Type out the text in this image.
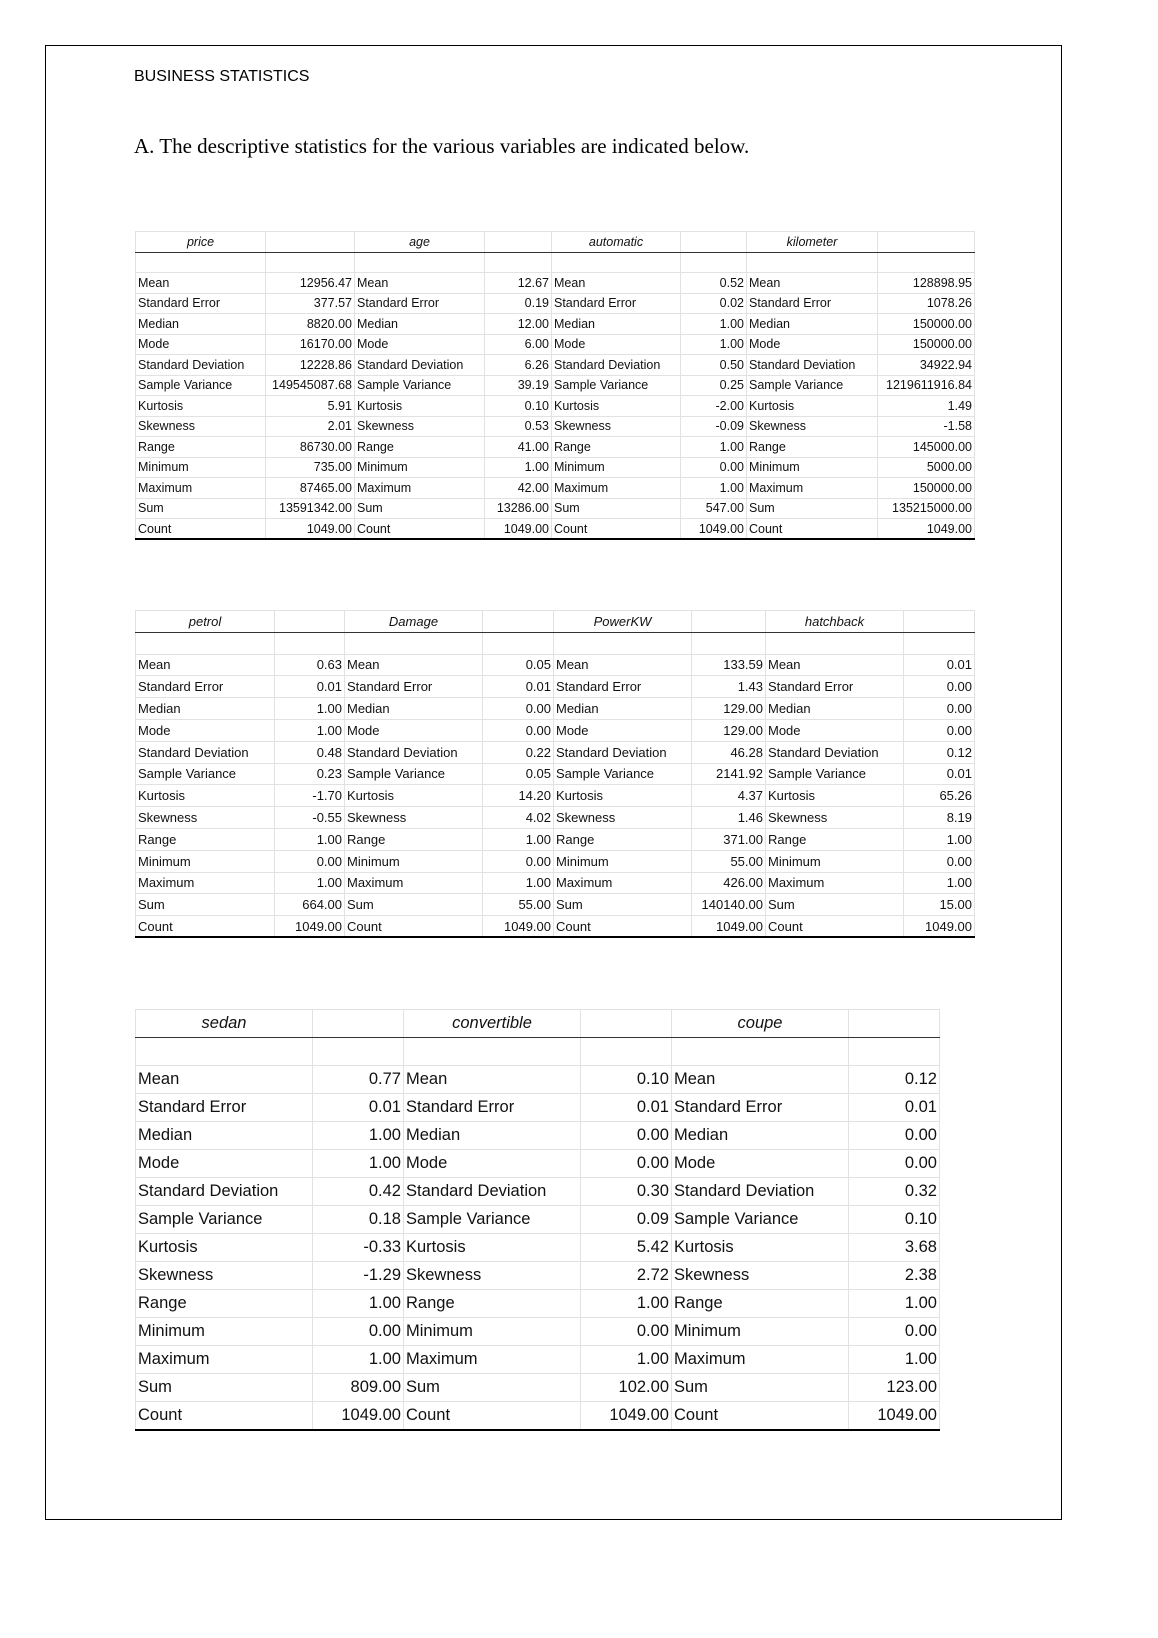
BUSINESS STATISTICS
A. The descriptive statistics for the various variables are indicated below.
price		age		automatic		kilometer	

Mean	12956.47	Mean	12.67	Mean	0.52	Mean	128898.95
Standard Error	377.57	Standard Error	0.19	Standard Error	0.02	Standard Error	1078.26
Median	8820.00	Median	12.00	Median	1.00	Median	150000.00
Mode	16170.00	Mode	6.00	Mode	1.00	Mode	150000.00
Standard Deviation	12228.86	Standard Deviation	6.26	Standard Deviation	0.50	Standard Deviation	34922.94
Sample Variance	149545087.68	Sample Variance	39.19	Sample Variance	0.25	Sample Variance	1219611916.84
Kurtosis	5.91	Kurtosis	0.10	Kurtosis	-2.00	Kurtosis	1.49
Skewness	2.01	Skewness	0.53	Skewness	-0.09	Skewness	-1.58
Range	86730.00	Range	41.00	Range	1.00	Range	145000.00
Minimum	735.00	Minimum	1.00	Minimum	0.00	Minimum	5000.00
Maximum	87465.00	Maximum	42.00	Maximum	1.00	Maximum	150000.00
Sum	13591342.00	Sum	13286.00	Sum	547.00	Sum	135215000.00
Count	1049.00	Count	1049.00	Count	1049.00	Count	1049.00
petrol		Damage		PowerKW		hatchback	

Mean	0.63	Mean	0.05	Mean	133.59	Mean	0.01
Standard Error	0.01	Standard Error	0.01	Standard Error	1.43	Standard Error	0.00
Median	1.00	Median	0.00	Median	129.00	Median	0.00
Mode	1.00	Mode	0.00	Mode	129.00	Mode	0.00
Standard Deviation	0.48	Standard Deviation	0.22	Standard Deviation	46.28	Standard Deviation	0.12
Sample Variance	0.23	Sample Variance	0.05	Sample Variance	2141.92	Sample Variance	0.01
Kurtosis	-1.70	Kurtosis	14.20	Kurtosis	4.37	Kurtosis	65.26
Skewness	-0.55	Skewness	4.02	Skewness	1.46	Skewness	8.19
Range	1.00	Range	1.00	Range	371.00	Range	1.00
Minimum	0.00	Minimum	0.00	Minimum	55.00	Minimum	0.00
Maximum	1.00	Maximum	1.00	Maximum	426.00	Maximum	1.00
Sum	664.00	Sum	55.00	Sum	140140.00	Sum	15.00
Count	1049.00	Count	1049.00	Count	1049.00	Count	1049.00
sedan		convertible		coupe	

Mean	0.77	Mean	0.10	Mean	0.12
Standard Error	0.01	Standard Error	0.01	Standard Error	0.01
Median	1.00	Median	0.00	Median	0.00
Mode	1.00	Mode	0.00	Mode	0.00
Standard Deviation	0.42	Standard Deviation	0.30	Standard Deviation	0.32
Sample Variance	0.18	Sample Variance	0.09	Sample Variance	0.10
Kurtosis	-0.33	Kurtosis	5.42	Kurtosis	3.68
Skewness	-1.29	Skewness	2.72	Skewness	2.38
Range	1.00	Range	1.00	Range	1.00
Minimum	0.00	Minimum	0.00	Minimum	0.00
Maximum	1.00	Maximum	1.00	Maximum	1.00
Sum	809.00	Sum	102.00	Sum	123.00
Count	1049.00	Count	1049.00	Count	1049.00
